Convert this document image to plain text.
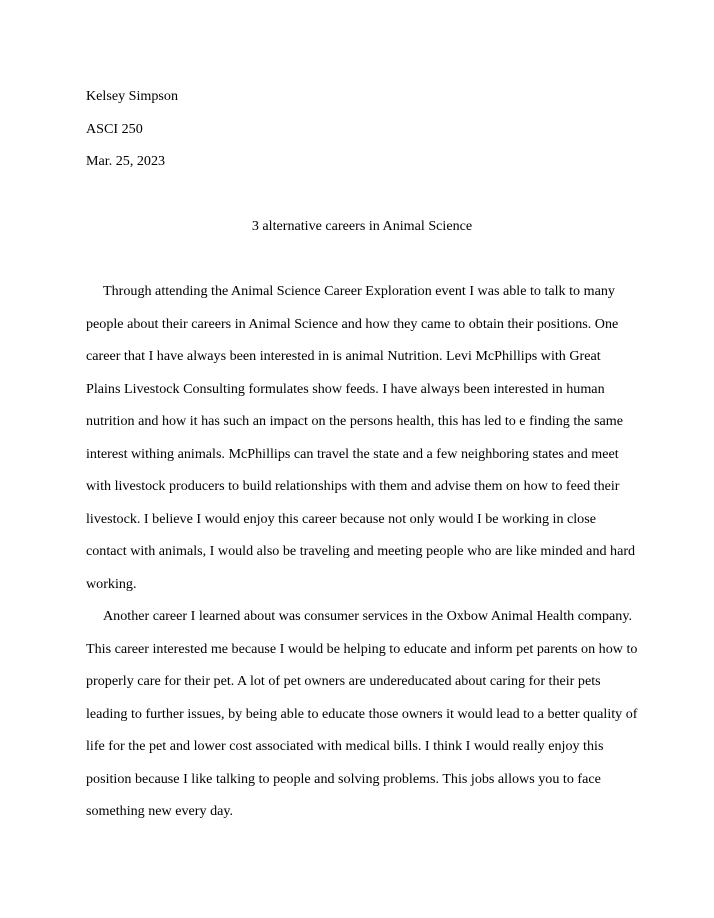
Kelsey Simpson

ASCI 250

Mar. 25, 2023

3 alternative careers in Animal Science

Through attending the Animal Science Career Exploration event I was able to talk to many people about their careers in Animal Science and how they came to obtain their positions. One career that I have always been interested in is animal Nutrition. Levi McPhillips with Great Plains Livestock Consulting formulates show feeds. I have always been interested in human nutrition and how it has such an impact on the persons health, this has led to e finding the same interest withing animals. McPhillips can travel the state and a few neighboring states and meet with livestock producers to build relationships with them and advise them on how to feed their livestock. I believe I would enjoy this career because not only would I be working in close contact with animals, I would also be traveling and meeting people who are like minded and hard working.

Another career I learned about was consumer services in the Oxbow Animal Health company. This career interested me because I would be helping to educate and inform pet parents on how to properly care for their pet. A lot of pet owners are undereducated about caring for their pets leading to further issues, by being able to educate those owners it would lead to a better quality of life for the pet and lower cost associated with medical bills. I think I would really enjoy this position because I like talking to people and solving problems. This jobs allows you to face something new every day.
